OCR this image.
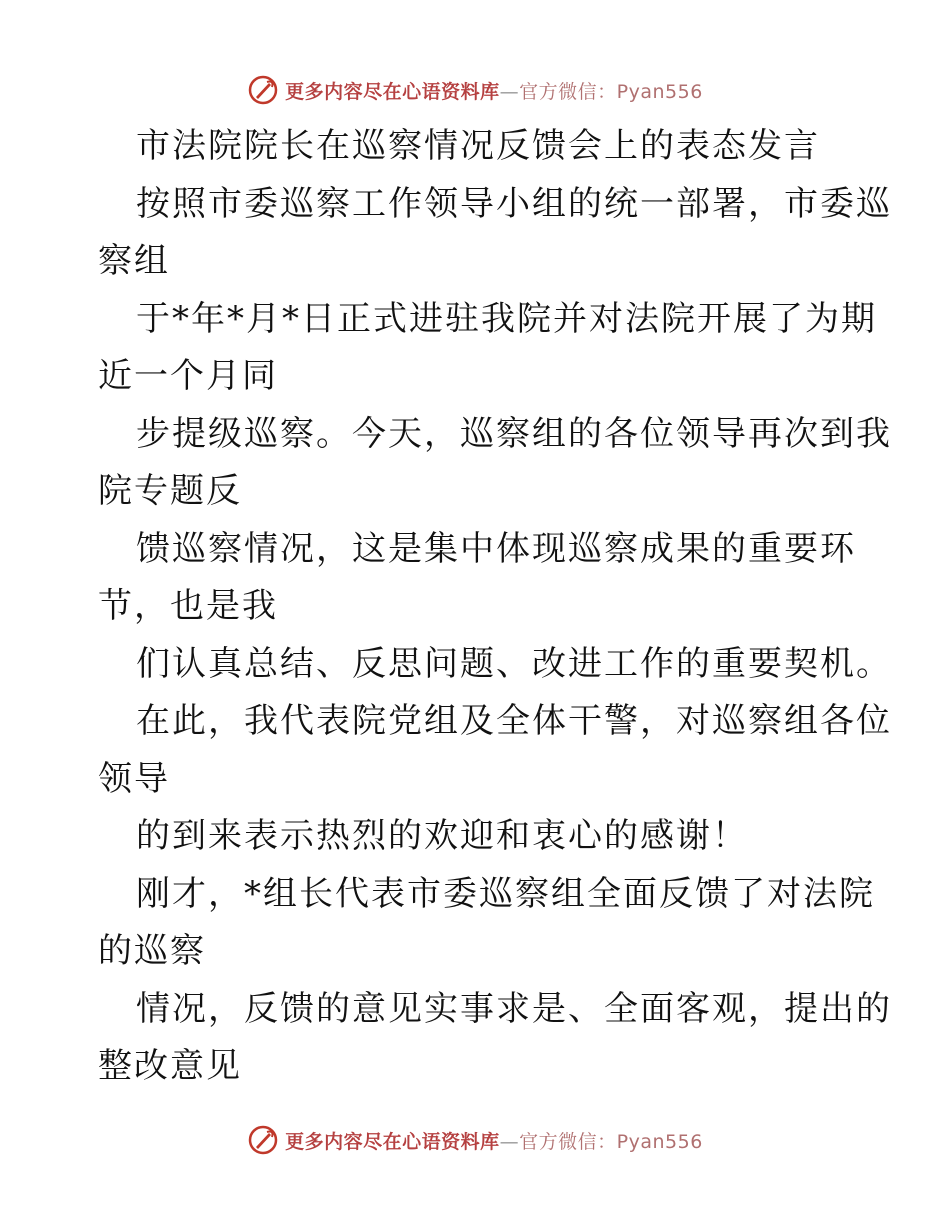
更多内容尽在心语资料库—官方微信：Pyan556
市法院院长在巡察情况反馈会上的表态发言
按照市委巡察工作领导小组的统一部署，市委巡
察组
于*年*月*日正式进驻我院并对法院开展了为期
近一个月同
步提级巡察。今天，巡察组的各位领导再次到我
院专题反
馈巡察情况，这是集中体现巡察成果的重要环
节，也是我
们认真总结、反思问题、改进工作的重要契机。
在此，我代表院党组及全体干警，对巡察组各位
领导
的到来表示热烈的欢迎和衷心的感谢！
刚才，*组长代表市委巡察组全面反馈了对法院
的巡察
情况，反馈的意见实事求是、全面客观，提出的
整改意见
更多内容尽在心语资料库—官方微信：Pyan556
